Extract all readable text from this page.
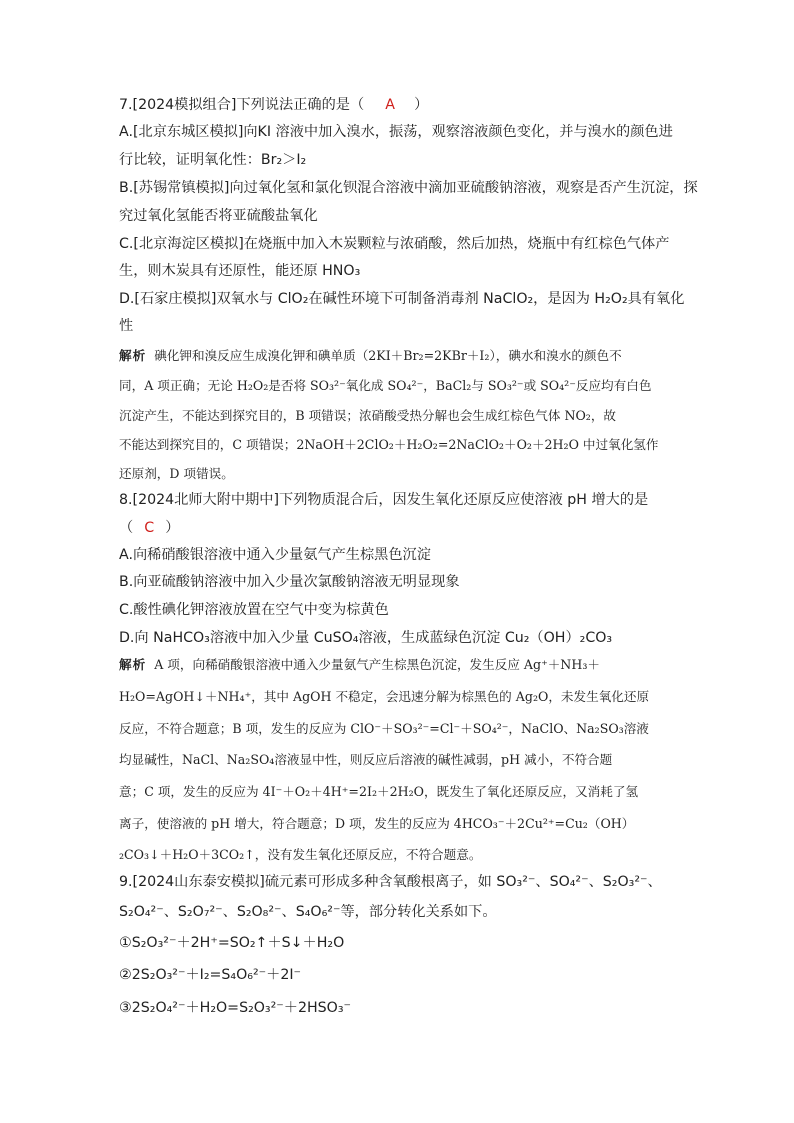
7.[2024模拟组合]下列说法正确的是（ A ）
A.[北京东城区模拟]向KI 溶液中加入溴水，振荡，观察溶液颜色变化，并与溴水的颜色进
行比较，证明氧化性：Br₂＞I₂
B.[苏锡常镇模拟]向过氧化氢和氯化钡混合溶液中滴加亚硫酸钠溶液，观察是否产生沉淀，探
究过氧化氢能否将亚硫酸盐氧化
C.[北京海淀区模拟]在烧瓶中加入木炭颗粒与浓硝酸，然后加热，烧瓶中有红棕色气体产
生，则木炭具有还原性，能还原 HNO₃
D.[石家庄模拟]双氧水与 ClO₂在碱性环境下可制备消毒剂 NaClO₂，是因为 H₂O₂具有氧化
性
解析 碘化钾和溴反应生成溴化钾和碘单质（2KI＋Br₂=2KBr＋I₂），碘水和溴水的颜色不
同，A 项正确；无论 H₂O₂是否将 SO₃²⁻氧化成 SO₄²⁻，BaCl₂与 SO₃²⁻或 SO₄²⁻反应均有白色
沉淀产生，不能达到探究目的，B 项错误；浓硝酸受热分解也会生成红棕色气体 NO₂，故
不能达到探究目的，C 项错误；2NaOH＋2ClO₂＋H₂O₂=2NaClO₂＋O₂＋2H₂O 中过氧化氢作
还原剂，D 项错误。
8.[2024北师大附中期中]下列物质混合后，因发生氧化还原反应使溶液 pH 增大的是
（ C ）
A.向稀硝酸银溶液中通入少量氨气产生棕黑色沉淀
B.向亚硫酸钠溶液中加入少量次氯酸钠溶液无明显现象
C.酸性碘化钾溶液放置在空气中变为棕黄色
D.向 NaHCO₃溶液中加入少量 CuSO₄溶液，生成蓝绿色沉淀 Cu₂（OH）₂CO₃
解析 A 项，向稀硝酸银溶液中通入少量氨气产生棕黑色沉淀，发生反应 Ag⁺＋NH₃＋
H₂O=AgOH↓＋NH₄⁺，其中 AgOH 不稳定，会迅速分解为棕黑色的 Ag₂O，未发生氧化还原
反应，不符合题意；B 项，发生的反应为 ClO⁻＋SO₃²⁻=Cl⁻＋SO₄²⁻，NaClO、Na₂SO₃溶液
均显碱性，NaCl、Na₂SO₄溶液显中性，则反应后溶液的碱性减弱，pH 减小，不符合题
意；C 项，发生的反应为 4I⁻＋O₂＋4H⁺=2I₂＋2H₂O，既发生了氧化还原反应，又消耗了氢
离子，使溶液的 pH 增大，符合题意；D 项，发生的反应为 4HCO₃⁻＋2Cu²⁺=Cu₂（OH）
₂CO₃↓＋H₂O＋3CO₂↑，没有发生氧化还原反应，不符合题意。
9.[2024山东泰安模拟]硫元素可形成多种含氧酸根离子，如 SO₃²⁻、SO₄²⁻、S₂O₃²⁻、
S₂O₄²⁻、S₂O₇²⁻、S₂O₈²⁻、S₄O₆²⁻等，部分转化关系如下。
①S₂O₃²⁻＋2H⁺=SO₂↑＋S↓＋H₂O
②2S₂O₃²⁻＋I₂=S₄O₆²⁻＋2I⁻
③2S₂O₄²⁻＋H₂O=S₂O₃²⁻＋2HSO₃⁻
